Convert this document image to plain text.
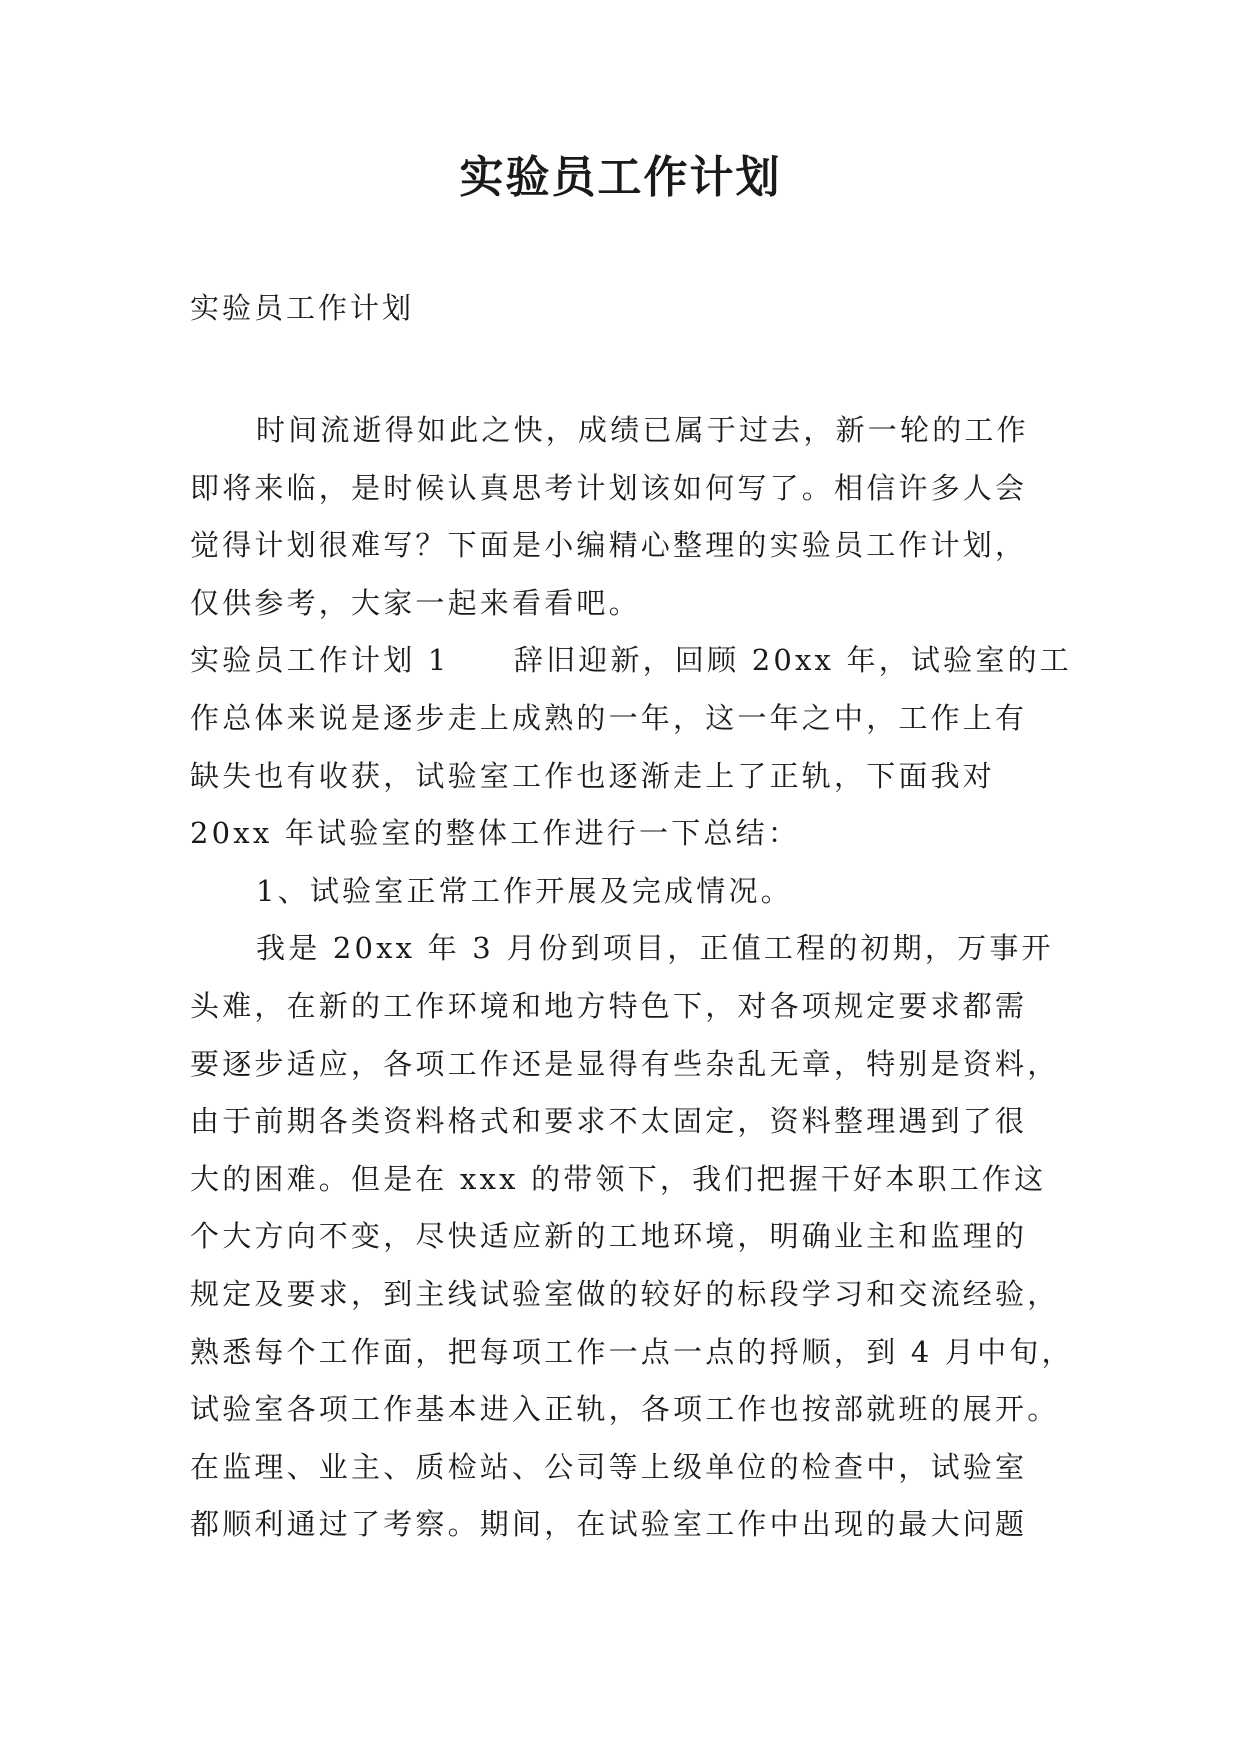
实验员工作计划
实验员工作计划
时间流逝得如此之快，成绩已属于过去，新一轮的工作
即将来临，是时候认真思考计划该如何写了。相信许多人会
觉得计划很难写？下面是小编精心整理的实验员工作计划，
仅供参考，大家一起来看看吧。
实验员工作计划 1　　辞旧迎新，回顾 20xx 年，试验室的工
作总体来说是逐步走上成熟的一年，这一年之中，工作上有
缺失也有收获，试验室工作也逐渐走上了正轨，下面我对
20xx 年试验室的整体工作进行一下总结：
1、试验室正常工作开展及完成情况。
我是 20xx 年 3 月份到项目，正值工程的初期，万事开
头难，在新的工作环境和地方特色下，对各项规定要求都需
要逐步适应，各项工作还是显得有些杂乱无章，特别是资料，
由于前期各类资料格式和要求不太固定，资料整理遇到了很
大的困难。但是在 xxx 的带领下，我们把握干好本职工作这
个大方向不变，尽快适应新的工地环境，明确业主和监理的
规定及要求，到主线试验室做的较好的标段学习和交流经验，
熟悉每个工作面，把每项工作一点一点的捋顺，到 4 月中旬，
试验室各项工作基本进入正轨，各项工作也按部就班的展开。
在监理、业主、质检站、公司等上级单位的检查中，试验室
都顺利通过了考察。期间，在试验室工作中出现的最大问题
